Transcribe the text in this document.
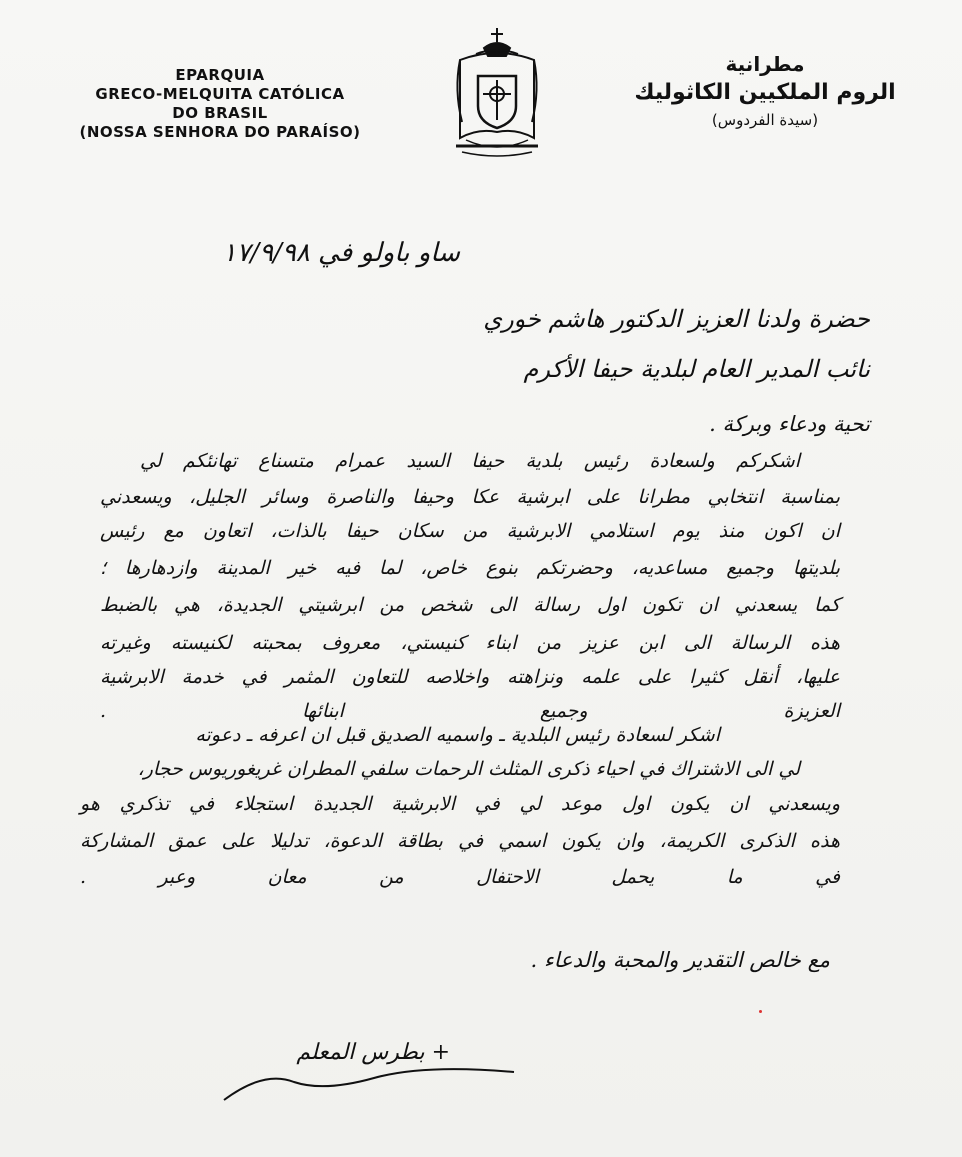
EPARQUIA
GRECO-MELQUITA CATÓLICA
DO BRASIL
(NOSSA SENHORA DO PARAÍSO)
مطرانية
الروم الملكيين الكاثوليك
(سيدة الفردوس)
ساو باولو في ١٧/٩/٩٨
حضرة ولدنا العزيز الدكتور هاشم خوري
نائب المدير العام لبلدية حيفا الأكرم
تحية ودعاء وبركة .
اشكركم ولسعادة رئيس بلدية حيفا السيد عمرام متسناع تهانئكم لي
بمناسبة انتخابي مطرانا على ابرشية عكا وحيفا والناصرة وسائر الجليل، ويسعدني
ان اكون منذ يوم استلامي الابرشية من سكان حيفا بالذات، اتعاون مع رئيس
بلديتها وجميع مساعديه، وحضرتكم بنوع خاص، لما فيه خير المدينة وازدهارها ؛
كما يسعدني ان تكون اول رسالة الى شخص من ابرشيتي الجديدة، هي بالضبط
هذه الرسالة الى ابن عزيز من ابناء كنيستي، معروف بمحبته لكنيسته وغيرته
عليها، أنقل كثيرا على علمه ونزاهته واخلاصه للتعاون المثمر في خدمة الابرشية
العزيزة وجميع ابنائها .
اشكر لسعادة رئيس البلدية ـ واسميه الصديق قبل ان اعرفه ـ دعوته
لي الى الاشتراك في احياء ذكرى المثلث الرحمات سلفي المطران غريغوريوس حجار،
ويسعدني ان يكون اول موعد لي في الابرشية الجديدة استجلاء في تذكري هو
هذه الذكرى الكريمة، وان يكون اسمي في بطاقة الدعوة، تدليلا على عمق المشاركة
في ما يحمل الاحتفال من معان وعبر .
مع خالص التقدير والمحبة والدعاء .
+ بطرس المعلم
